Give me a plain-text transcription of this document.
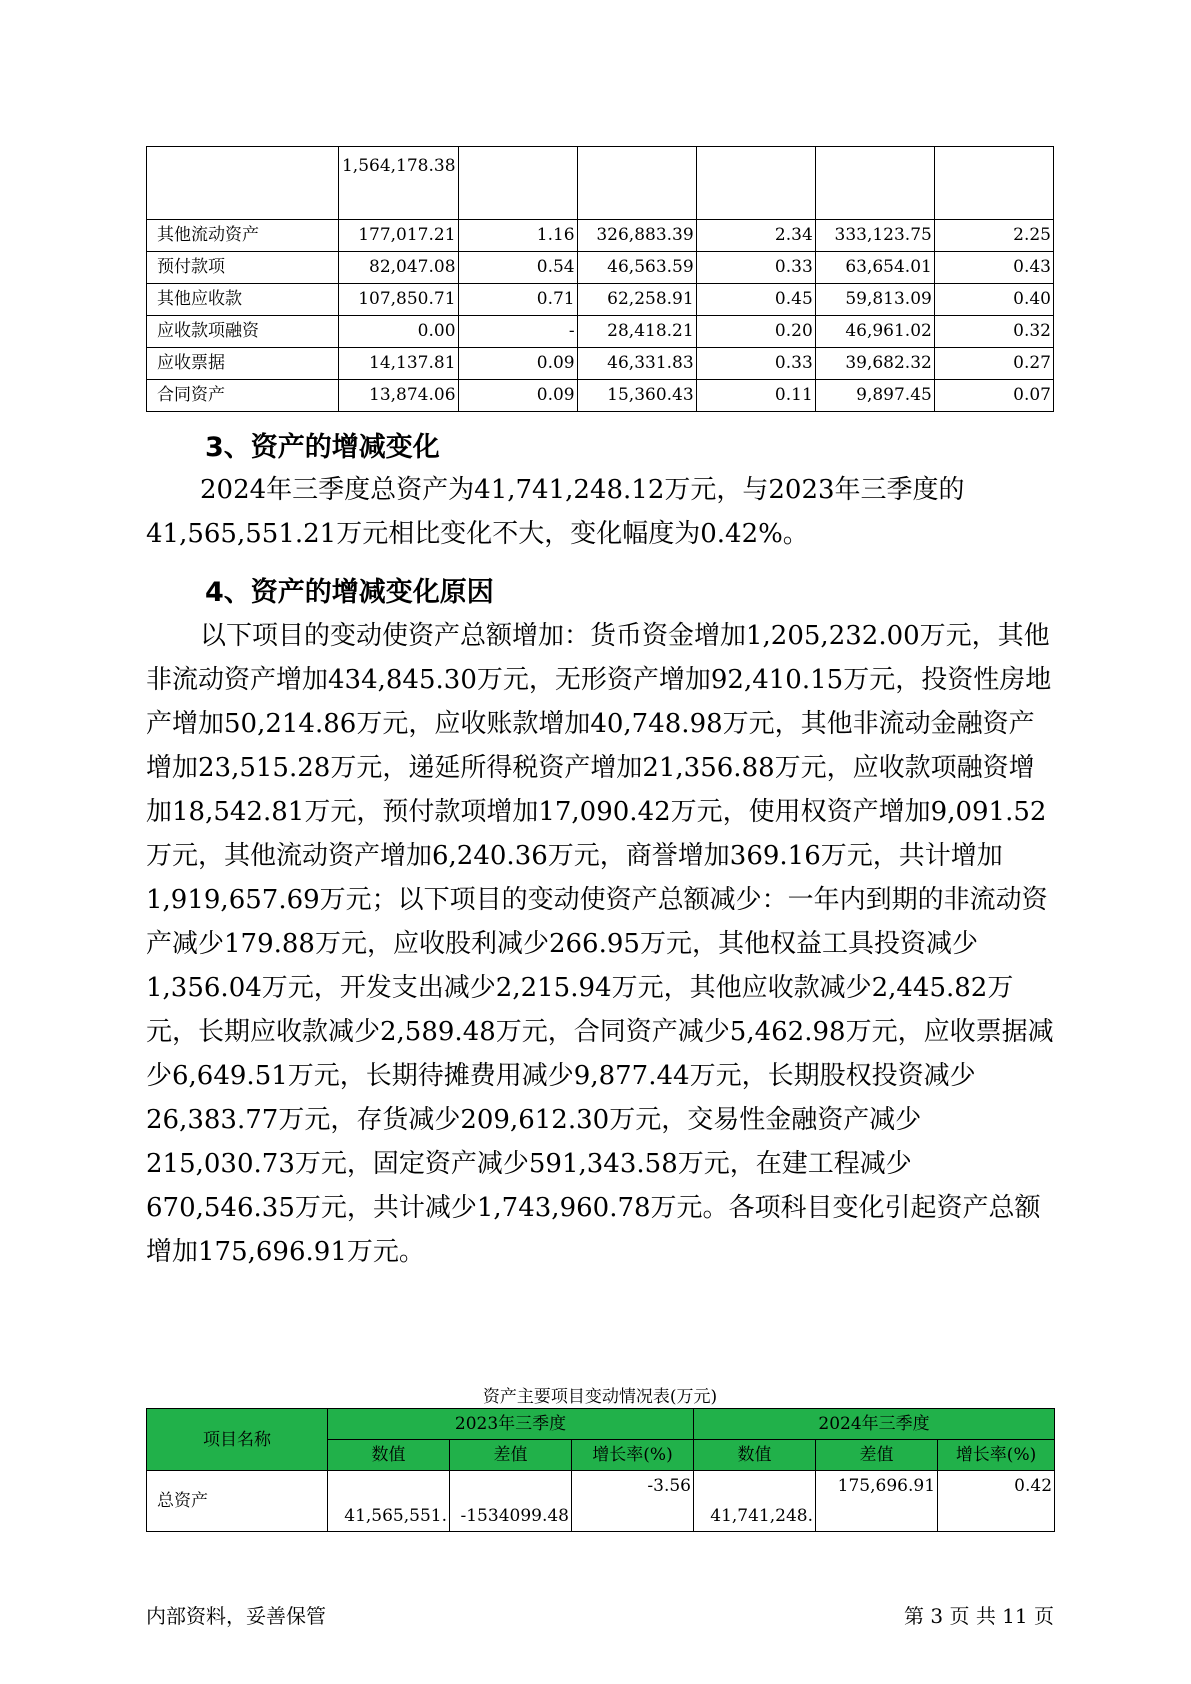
	1,564,178.38					
其他流动资产	177,017.21	1.16	326,883.39	2.34	333,123.75	2.25
预付款项	82,047.08	0.54	46,563.59	0.33	63,654.01	0.43
其他应收款	107,850.71	0.71	62,258.91	0.45	59,813.09	0.40
应收款项融资	0.00	-	28,418.21	0.20	46,961.02	0.32
应收票据	14,137.81	0.09	46,331.83	0.33	39,682.32	0.27
合同资产	13,874.06	0.09	15,360.43	0.11	9,897.45	0.07
3、资产的增减变化

2024年三季度总资产为41,741,248.12万元，与2023年三季度的41,565,551.21万元相比变化不大，变化幅度为0.42%。

4、资产的增减变化原因

以下项目的变动使资产总额增加：货币资金增加1,205,232.00万元，其他非流动资产增加434,845.30万元，无形资产增加92,410.15万元，投资性房地产增加50,214.86万元，应收账款增加40,748.98万元，其他非流动金融资产增加23,515.28万元，递延所得税资产增加21,356.88万元，应收款项融资增加18,542.81万元，预付款项增加17,090.42万元，使用权资产增加9,091.52万元，其他流动资产增加6,240.36万元，商誉增加369.16万元，共计增加1,919,657.69万元；以下项目的变动使资产总额减少：一年内到期的非流动资产减少179.88万元，应收股利减少266.95万元，其他权益工具投资减少1,356.04万元，开发支出减少2,215.94万元，其他应收款减少2,445.82万元，长期应收款减少2,589.48万元，合同资产减少5,462.98万元，应收票据减少6,649.51万元，长期待摊费用减少9,877.44万元，长期股权投资减少26,383.77万元，存货减少209,612.30万元，交易性金融资产减少215,030.73万元，固定资产减少591,343.58万元，在建工程减少670,546.35万元，共计减少1,743,960.78万元。各项科目变化引起资产总额增加175,696.91万元。

资产主要项目变动情况表(万元)
项目名称	2023年三季度			2024年三季度		
	数值	差值	增长率(%)	数值	差值	增长率(%)
总资产	41,565,551.	-1534099.48	-3.56	41,741,248.	175,696.91	0.42
内部资料，妥善保管	第 3 页 共 11 页
